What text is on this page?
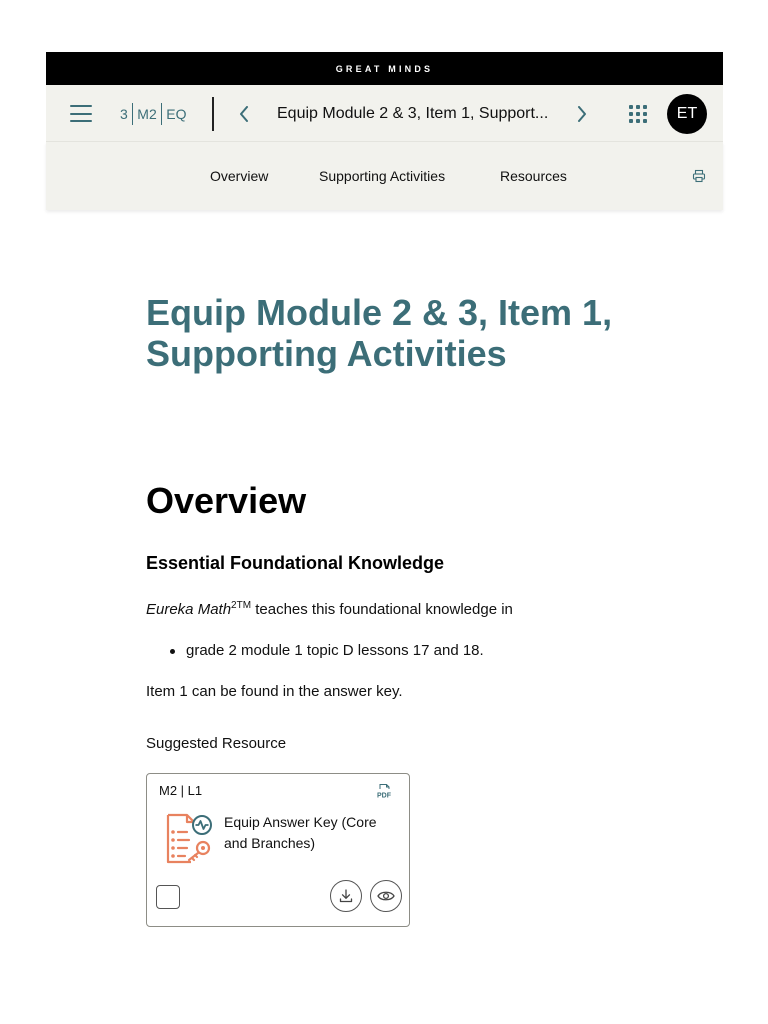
GREAT MINDS
3 M2 EQ	Equip Module 2 & 3, Item 1, Support...	ET
Overview	Supporting Activities	Resources
Equip Module 2 & 3, Item 1, Supporting Activities
Overview
Essential Foundational Knowledge

Eureka Math$^{2TM}$ teaches this foundational knowledge in

grade 2 module 1 topic D lessons 17 and 18.

Item 1 can be found in the answer key.

Suggested Resource

M2 | L1	PDF
Equip Answer Key (Core and Branches)
